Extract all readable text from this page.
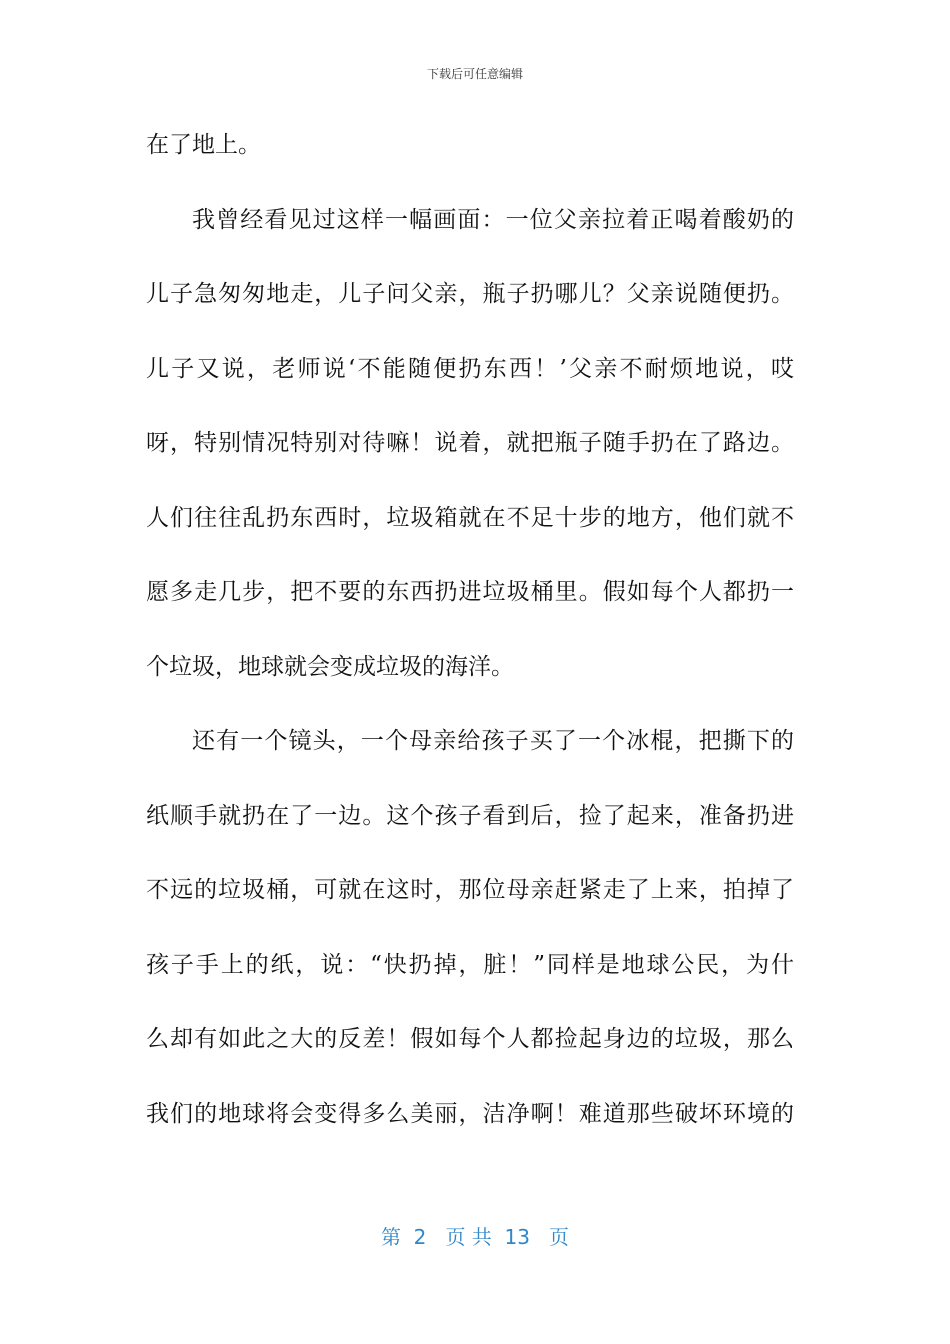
下载后可任意编辑
在了地上。
我曾经看见过这样一幅画面：一位父亲拉着正喝着酸奶的
儿子急匆匆地走，儿子问父亲，瓶子扔哪儿？父亲说随便扔。
儿子又说，老师说‘不能随便扔东西！’父亲不耐烦地说，哎
呀，特别情况特别对待嘛！说着，就把瓶子随手扔在了路边。
人们往往乱扔东西时，垃圾箱就在不足十步的地方，他们就不
愿多走几步，把不要的东西扔进垃圾桶里。假如每个人都扔一
个垃圾，地球就会变成垃圾的海洋。
还有一个镜头，一个母亲给孩子买了一个冰棍，把撕下的
纸顺手就扔在了一边。这个孩子看到后，捡了起来，准备扔进
不远的垃圾桶，可就在这时，那位母亲赶紧走了上来，拍掉了
孩子手上的纸，说：“快扔掉，脏！”同样是地球公民，为什
么却有如此之大的反差！假如每个人都捡起身边的垃圾，那么
我们的地球将会变得多么美丽，洁净啊！难道那些破坏环境的
第  2   页 共  13   页
